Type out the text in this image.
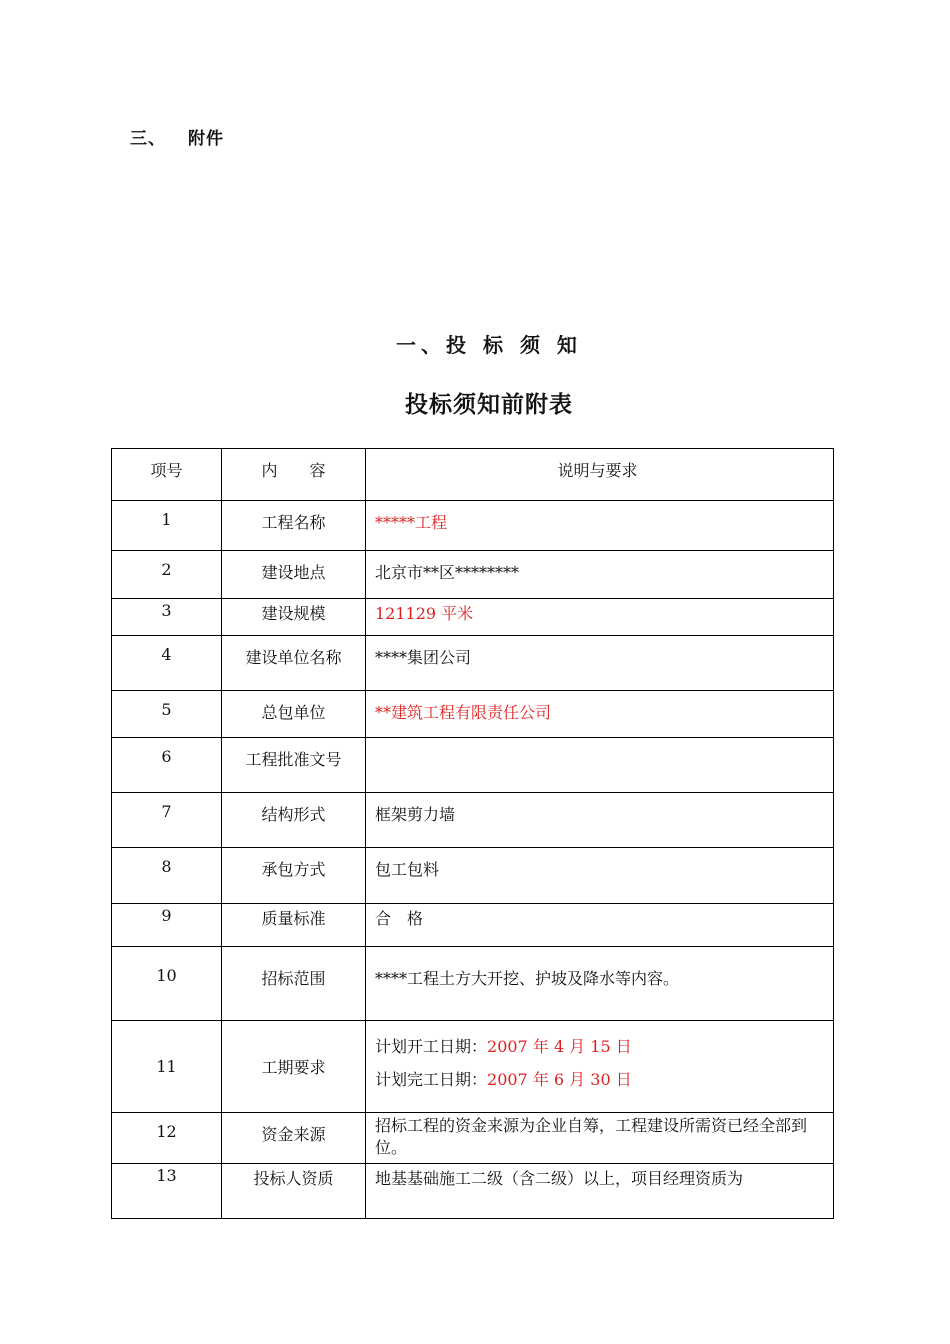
三、 附件
一、投 标 须 知
投标须知前附表
项号	内　　容	说明与要求

1	工程名称	*****工程

2	建设地点	北京市**区********

3	建设规模	121129 平米

4	建设单位名称	****集团公司

5	总包单位	**建筑工程有限责任公司

6	工程批准文号	

7	结构形式	框架剪力墙

8	承包方式	包工包料

9	质量标准	合　格

10	招标范围	****工程土方大开挖、护坡及降水等内容。

11	工期要求	计划开工日期：2007 年 4 月 15 日
计划完工日期：2007 年 6 月 30 日

12	资金来源	招标工程的资金来源为企业自筹，工程建设所需资已经全部到位。

13	投标人资质	地基基础施工二级（含二级）以上，项目经理资质为
